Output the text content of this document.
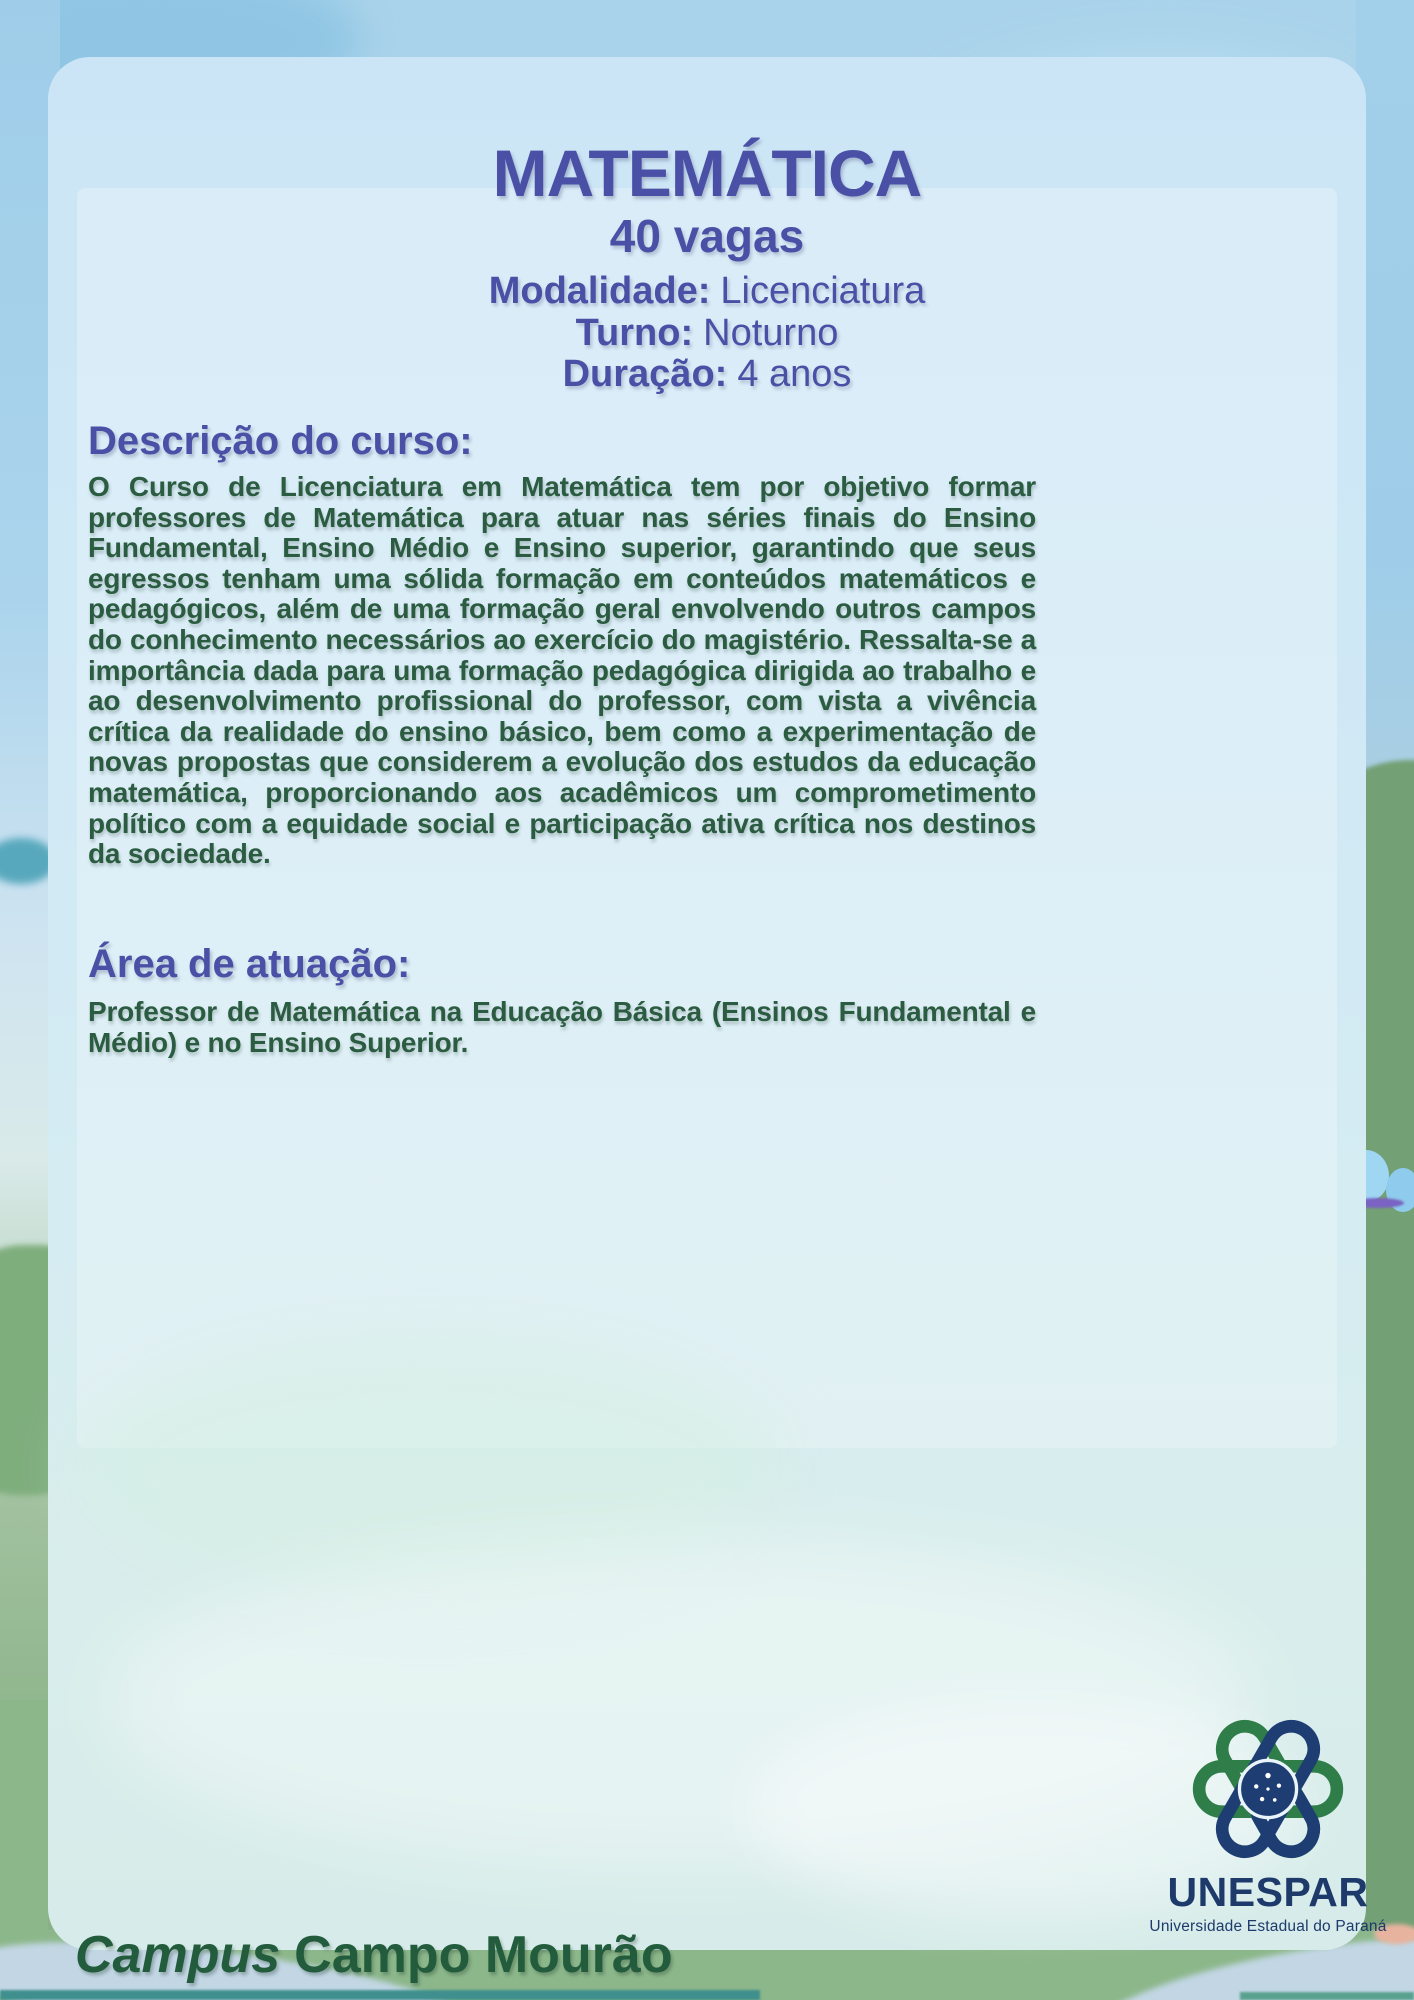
MATEMÁTICA
40 vagas
Modalidade: Licenciatura
Turno: Noturno
Duração: 4 anos
Descrição do curso:
O Curso de Licenciatura em Matemática tem por objetivo formar professores de Matemática para atuar nas séries finais do Ensino Fundamental, Ensino Médio e Ensino superior, garantindo que seus egressos tenham uma sólida formação em conteúdos matemáticos e pedagógicos, além de uma formação geral envolvendo outros campos do conhecimento necessários ao exercício do magistério. Ressalta-se a importância dada para uma formação pedagógica dirigida ao trabalho e ao desenvolvimento profissional do professor, com vista a vivência crítica da realidade do ensino básico, bem como a experimentação de novas propostas que considerem a evolução dos estudos da educação matemática, proporcionando aos acadêmicos um comprometimento político com a equidade social e participação ativa crítica nos destinos da sociedade.
Área de atuação:
Professor de Matemática na Educação Básica (Ensinos Fundamental e Médio) e no Ensino Superior.
Campus Campo Mourão
UNESPAR
Universidade Estadual do Paraná
